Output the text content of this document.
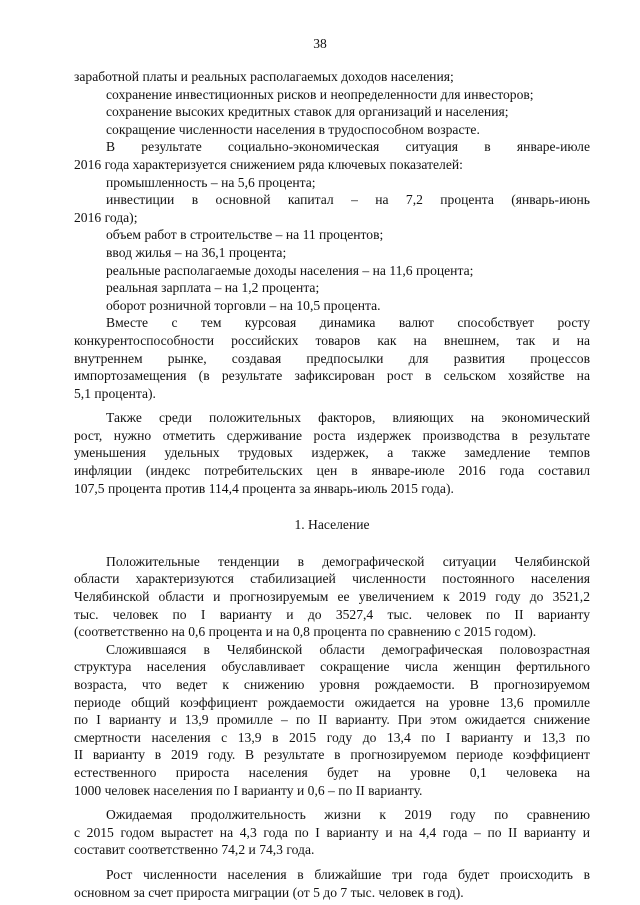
38
заработной платы и реальных располагаемых доходов населения;
сохранение инвестиционных рисков и неопределенности для инвесторов;
сохранение высоких кредитных ставок для организаций и населения;
сокращение численности населения в трудоспособном возрасте.
В результате социально-экономическая ситуация в январе-июле
2016 года характеризуется снижением ряда ключевых показателей:
промышленность – на 5,6 процента;
инвестиции в основной капитал – на 7,2 процента (январь-июнь
2016 года);
объем работ в строительстве – на 11 процентов;
ввод жилья – на 36,1 процента;
реальные располагаемые доходы населения – на 11,6 процента;
реальная зарплата – на 1,2 процента;
оборот розничной торговли – на 10,5 процента.
Вместе с тем курсовая динамика валют способствует росту
конкурентоспособности российских товаров как на внешнем, так и на
внутреннем рынке, создавая предпосылки для развития процессов
импортозамещения (в результате зафиксирован рост в сельском хозяйстве на
5,1 процента).
Также среди положительных факторов, влияющих на экономический
рост, нужно отметить сдерживание роста издержек производства в результате
уменьшения удельных трудовых издержек, а также замедление темпов
инфляции (индекс потребительских цен в январе-июле 2016 года составил
107,5 процента против 114,4 процента за январь-июль 2015 года).
1. Население
Положительные тенденции в демографической ситуации Челябинской
области характеризуются стабилизацией численности постоянного населения
Челябинской области и прогнозируемым ее увеличением к 2019 году до 3521,2
тыс. человек по I варианту и до 3527,4 тыс. человек по II варианту
(соответственно на 0,6 процента и на 0,8 процента по сравнению с 2015 годом).
Сложившаяся в Челябинской области демографическая половозрастная
структура населения обуславливает сокращение числа женщин фертильного
возраста, что ведет к снижению уровня рождаемости. В прогнозируемом
периоде общий коэффициент рождаемости ожидается на уровне 13,6 промилле
по I варианту и 13,9 промилле – по II варианту. При этом ожидается снижение
смертности населения с 13,9 в 2015 году до 13,4 по I варианту и 13,3 по
II варианту в 2019 году. В результате в прогнозируемом периоде коэффициент
естественного прироста населения будет на уровне 0,1 человека на
1000 человек населения по I варианту и 0,6 – по II варианту.
Ожидаемая продолжительность жизни к 2019 году по сравнению
с 2015 годом вырастет на 4,3 года по I варианту и на 4,4 года – по II варианту и
составит соответственно 74,2 и 74,3 года.
Рост численности населения в ближайшие три года будет происходить в
основном за счет прироста миграции (от 5 до 7 тыс. человек в год).
